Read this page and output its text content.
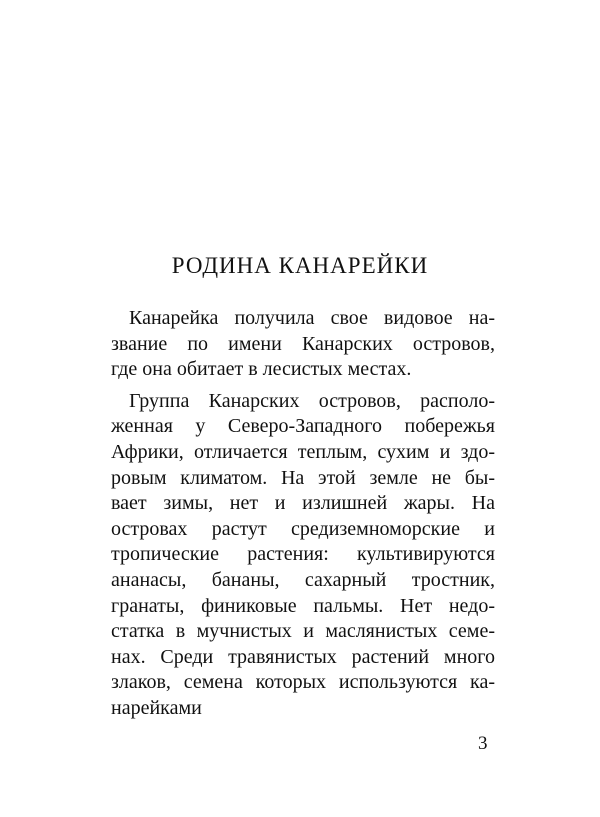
РОДИНА КАНАРЕЙКИ

Канарейка получила свое видовое на-
звание по имени Канарских островов,
где она обитает в лесистых местах.

Группа Канарских островов, располо-
женная у Северо-Западного побережья
Африки, отличается теплым, сухим и здо-
ровым климатом. На этой земле не бы-
вает зимы, нет и излишней жары. На
островах растут средиземноморские и
тропические растения: культивируются
ананасы, бананы, сахарный тростник,
гранаты, финиковые пальмы. Нет недо-
статка в мучнистых и маслянистых семе-
нах. Среди травянистых растений много
злаков, семена которых используются ка-
нарейками

3
